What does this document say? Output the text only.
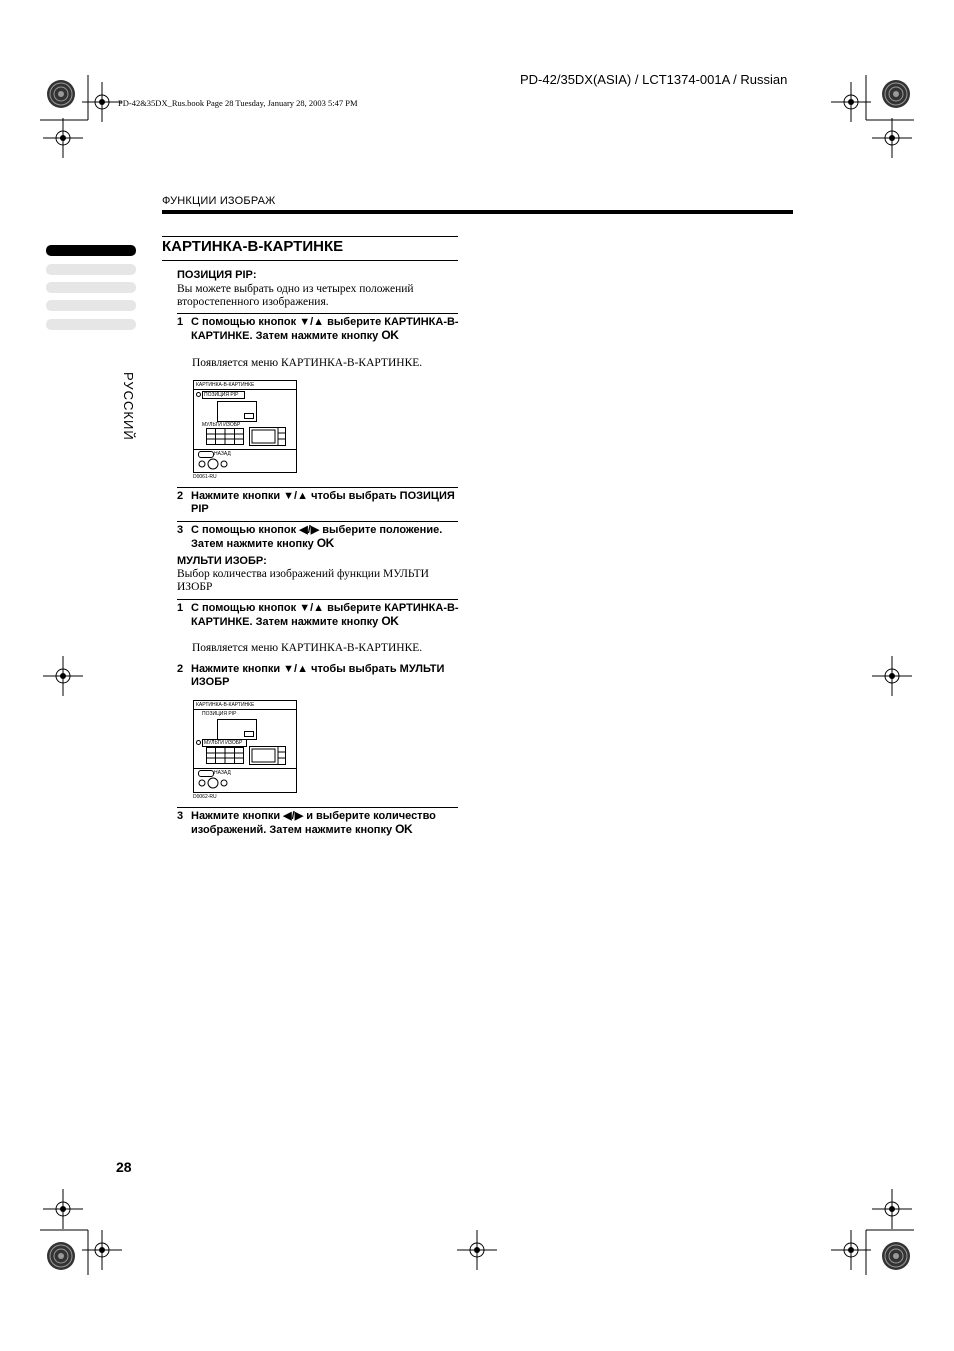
PD-42/35DX(ASIA) / LCT1374-001A / Russian
PD-42&35DX_Rus.book Page 28 Tuesday, January 28, 2003 5:47 PM
ФУНКЦИИ ИЗОБРАЖ
РУССКИЙ
КАРТИНКА-В-КАРТИНКЕ
ПОЗИЦИЯ PIP:
Вы можете выбрать одно из четырех положений второстепенного изображения.
1 С помощью кнопок ▼/▲ выберите КАРТИНКА-В-КАРТИНКЕ. Затем нажмите кнопку OK
Появляется меню КАРТИНКА-В-КАРТИНКЕ.
КАРТИНКА-В-КАРТИНКЕ
ПОЗИЦИЯ PIP
МУЛЬТИ ИЗОБР
НАЗАД
D0061-RU
2 Нажмите кнопки ▼/▲ чтобы выбрать ПОЗИЦИЯ PIP
3 С помощью кнопок ◀/▶ выберите положение. Затем нажмите кнопку OK
МУЛЬТИ ИЗОБР:
Выбор количества изображений функции МУЛЬТИ ИЗОБР
1 С помощью кнопок ▼/▲ выберите КАРТИНКА-В-КАРТИНКЕ. Затем нажмите кнопку OK
Появляется меню КАРТИНКА-В-КАРТИНКЕ.
2 Нажмите кнопки ▼/▲ чтобы выбрать МУЛЬТИ ИЗОБР
КАРТИНКА-В-КАРТИНКЕ
ПОЗИЦИЯ PIP
МУЛЬТИ ИЗОБР
НАЗАД
D0062-RU
3 Нажмите кнопки ◀/▶ и выберите количество изображений. Затем нажмите кнопку OK
28
